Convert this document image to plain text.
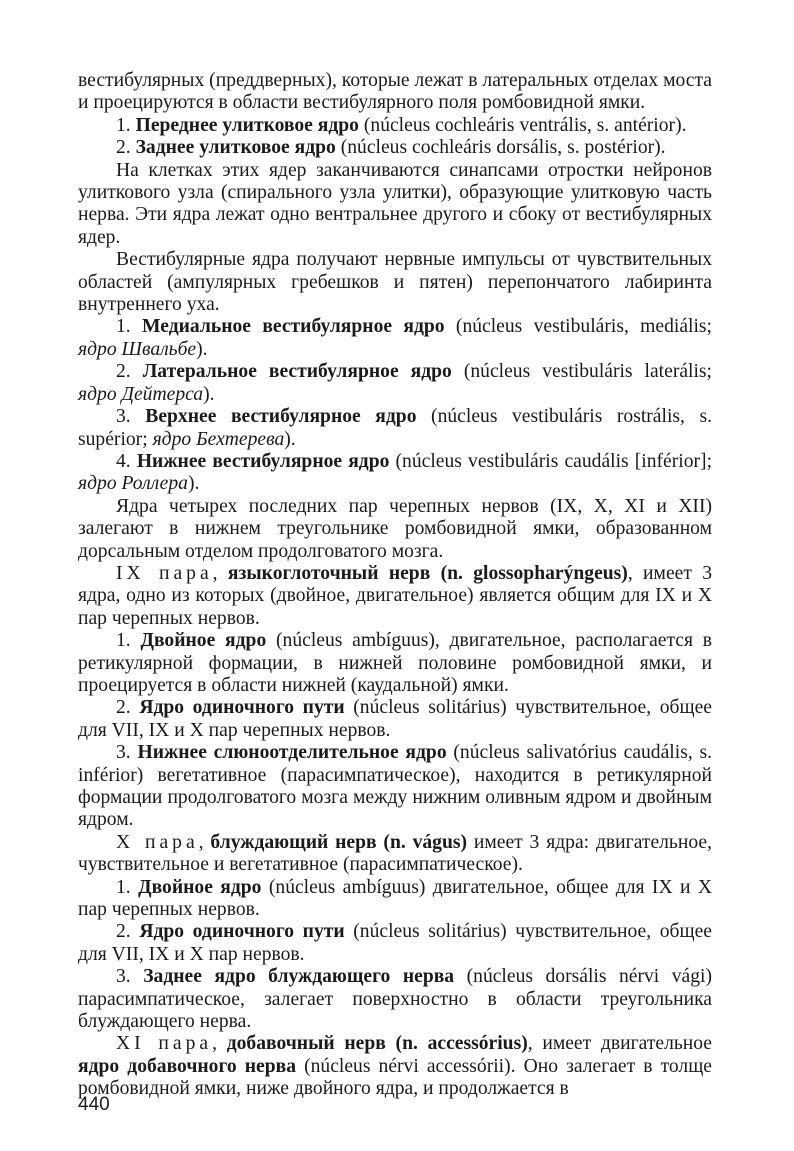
вестибулярных (преддверных), которые лежат в латеральных отделах моста и проецируются в области вестибулярного поля ромбовидной ямки.

1. Переднее улитковое ядро (núcleus cochleáris ventrális, s. antérior).

2. Заднее улитковое ядро (núcleus cochleáris dorsális, s. postérior).

На клетках этих ядер заканчиваются синапсами отростки нейронов улиткового узла (спирального узла улитки), образующие улитковую часть нерва. Эти ядра лежат одно вентральнее другого и сбоку от вестибулярных ядер.

Вестибулярные ядра получают нервные импульсы от чувствительных областей (ампулярных гребешков и пятен) перепончатого лабиринта внутреннего уха.

1. Медиальное вестибулярное ядро (núcleus vestibuláris, mediális; ядро Швальбе).

2. Латеральное вестибулярное ядро (núcleus vestibuláris laterális; ядро Дейтерса).

3. Верхнее вестибулярное ядро (núcleus vestibuláris rostrális, s. supérior; ядро Бехтерева).

4. Нижнее вестибулярное ядро (núcleus vestibuláris caudális [inférior]; ядро Роллера).

Ядра четырех последних пар черепных нервов (IX, X, XI и XII) залегают в нижнем треугольнике ромбовидной ямки, образованном дорсальным отделом продолговатого мозга.

IX пара, языкоглоточный нерв (n. glossopharýngeus), имеет 3 ядра, одно из которых (двойное, двигательное) является общим для IX и X пар черепных нервов.

1. Двойное ядро (núcleus ambíguus), двигательное, располагается в ретикулярной формации, в нижней половине ромбовидной ямки, и проецируется в области нижней (каудальной) ямки.

2. Ядро одиночного пути (núcleus solitárius) чувствительное, общее для VII, IX и X пар черепных нервов.

3. Нижнее слюноотделительное ядро (núcleus salivatórius caudális, s. inférior) вегетативное (парасимпатическое), находится в ретикулярной формации продолговатого мозга между нижним оливным ядром и двойным ядром.

X пара, блуждающий нерв (n. vágus) имеет 3 ядра: двигательное, чувствительное и вегетативное (парасимпатическое).

1. Двойное ядро (núcleus ambíguus) двигательное, общее для IX и X пар черепных нервов.

2. Ядро одиночного пути (núcleus solitárius) чувствительное, общее для VII, IX и X пар нервов.

3. Заднее ядро блуждающего нерва (núcleus dorsális nérvi vági) парасимпатическое, залегает поверхностно в области треугольника блуждающего нерва.

XI пара, добавочный нерв (n. accessórius), имеет двигательное ядро добавочного нерва (núcleus nérvi accessórii). Оно залегает в толще ромбовидной ямки, ниже двойного ядра, и продолжается в

440
